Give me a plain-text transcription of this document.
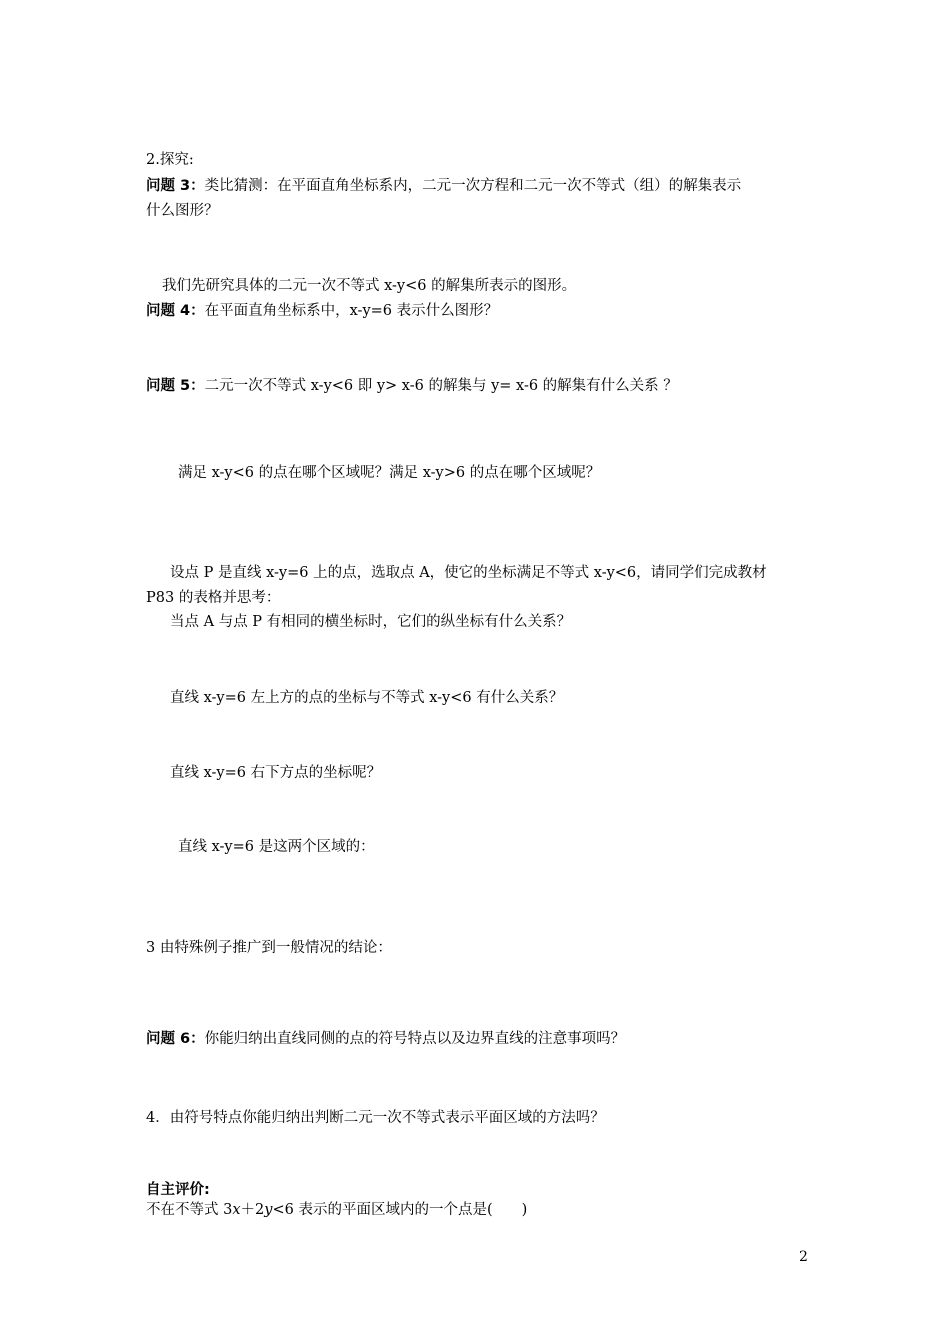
2.探究:
问题 3：类比猜测：在平面直角坐标系内，二元一次方程和二元一次不等式（组）的解集表示
什么图形？
我们先研究具体的二元一次不等式 x-y<6 的解集所表示的图形。
问题 4：在平面直角坐标系中，x-y=6 表示什么图形？
问题 5：二元一次不等式 x-y<6 即 y> x-6 的解集与 y= x-6 的解集有什么关系 ？
满足 x-y<6 的点在哪个区域呢？满足 x-y>6 的点在哪个区域呢？
设点 P 是直线 x-y=6 上的点，选取点 A，使它的坐标满足不等式 x-y<6，请同学们完成教材
P83 的表格并思考：
当点 A 与点 P 有相同的横坐标时，它们的纵坐标有什么关系？
直线 x-y=6 左上方的点的坐标与不等式 x-y<6 有什么关系？
直线 x-y=6 右下方点的坐标呢？
直线 x-y=6 是这两个区域的：
3 由特殊例子推广到一般情况的结论：
问题 6：你能归纳出直线同侧的点的符号特点以及边界直线的注意事项吗？
4．由符号特点你能归纳出判断二元一次不等式表示平面区域的方法吗？
自主评价:
不在不等式 3x＋2y<6 表示的平面区域内的一个点是(　　)
2
